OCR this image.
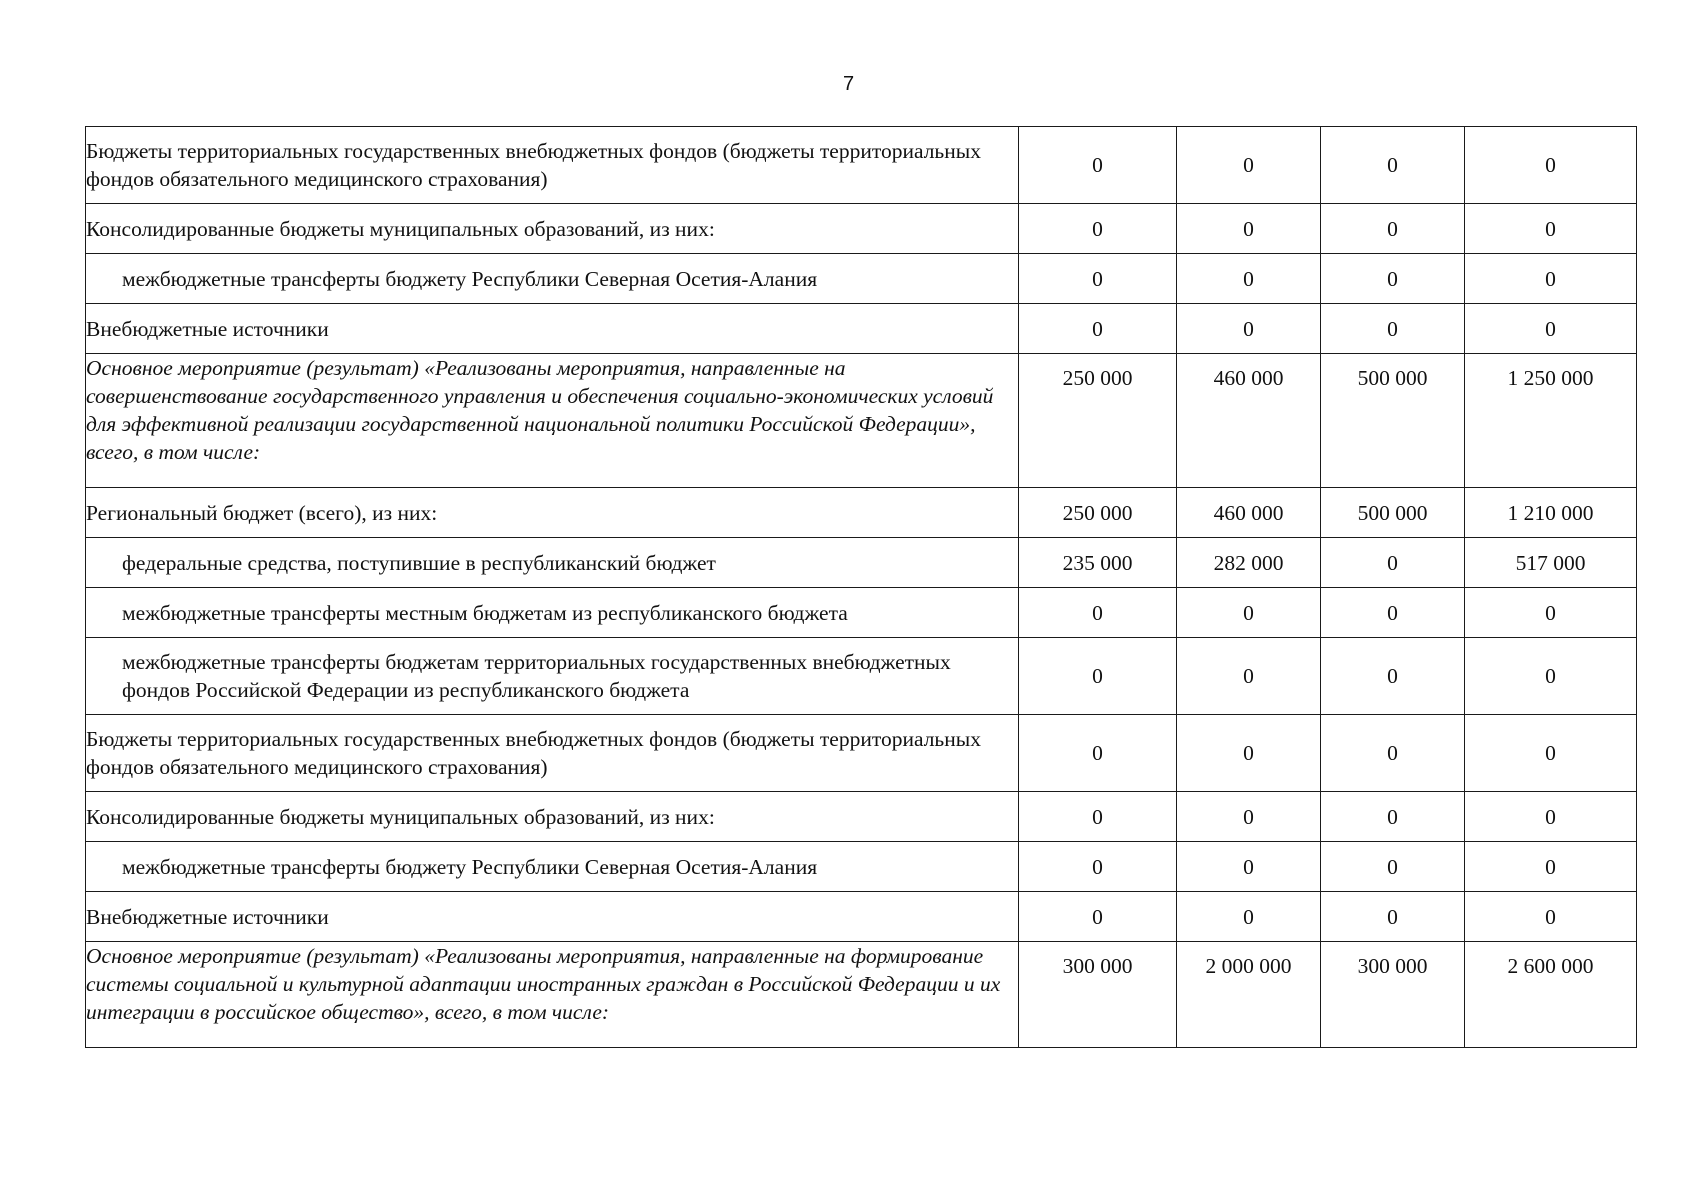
7
Бюджеты территориальных государственных внебюджетных фондов (бюджеты территориальных фондов обязательного медицинского страхования)	0	0	0	0
Консолидированные бюджеты муниципальных образований, из них:	0	0	0	0
межбюджетные трансферты бюджету Республики Северная Осетия-Алания	0	0	0	0
Внебюджетные источники	0	0	0	0
Основное мероприятие (результат) «Реализованы мероприятия, направленные на совершенствование государственного управления и обеспечения социально-экономических условий для эффективной реализации государственной национальной политики Российской Федерации», всего, в том числе:	250 000	460 000	500 000	1 250 000
Региональный бюджет (всего), из них:	250 000	460 000	500 000	1 210 000
федеральные средства, поступившие в республиканский бюджет	235 000	282 000	0	517 000
межбюджетные трансферты местным бюджетам из республиканского бюджета	0	0	0	0
межбюджетные трансферты бюджетам территориальных государственных внебюджетных фондов Российской Федерации из республиканского бюджета	0	0	0	0
Бюджеты территориальных государственных внебюджетных фондов (бюджеты территориальных фондов обязательного медицинского страхования)	0	0	0	0
Консолидированные бюджеты муниципальных образований, из них:	0	0	0	0
межбюджетные трансферты бюджету Республики Северная Осетия-Алания	0	0	0	0
Внебюджетные источники	0	0	0	0
Основное мероприятие (результат) «Реализованы мероприятия, направленные на формирование системы социальной и культурной адаптации иностранных граждан в Российской Федерации и их интеграции в российское общество», всего, в том числе:	300 000	2 000 000	300 000	2 600 000
